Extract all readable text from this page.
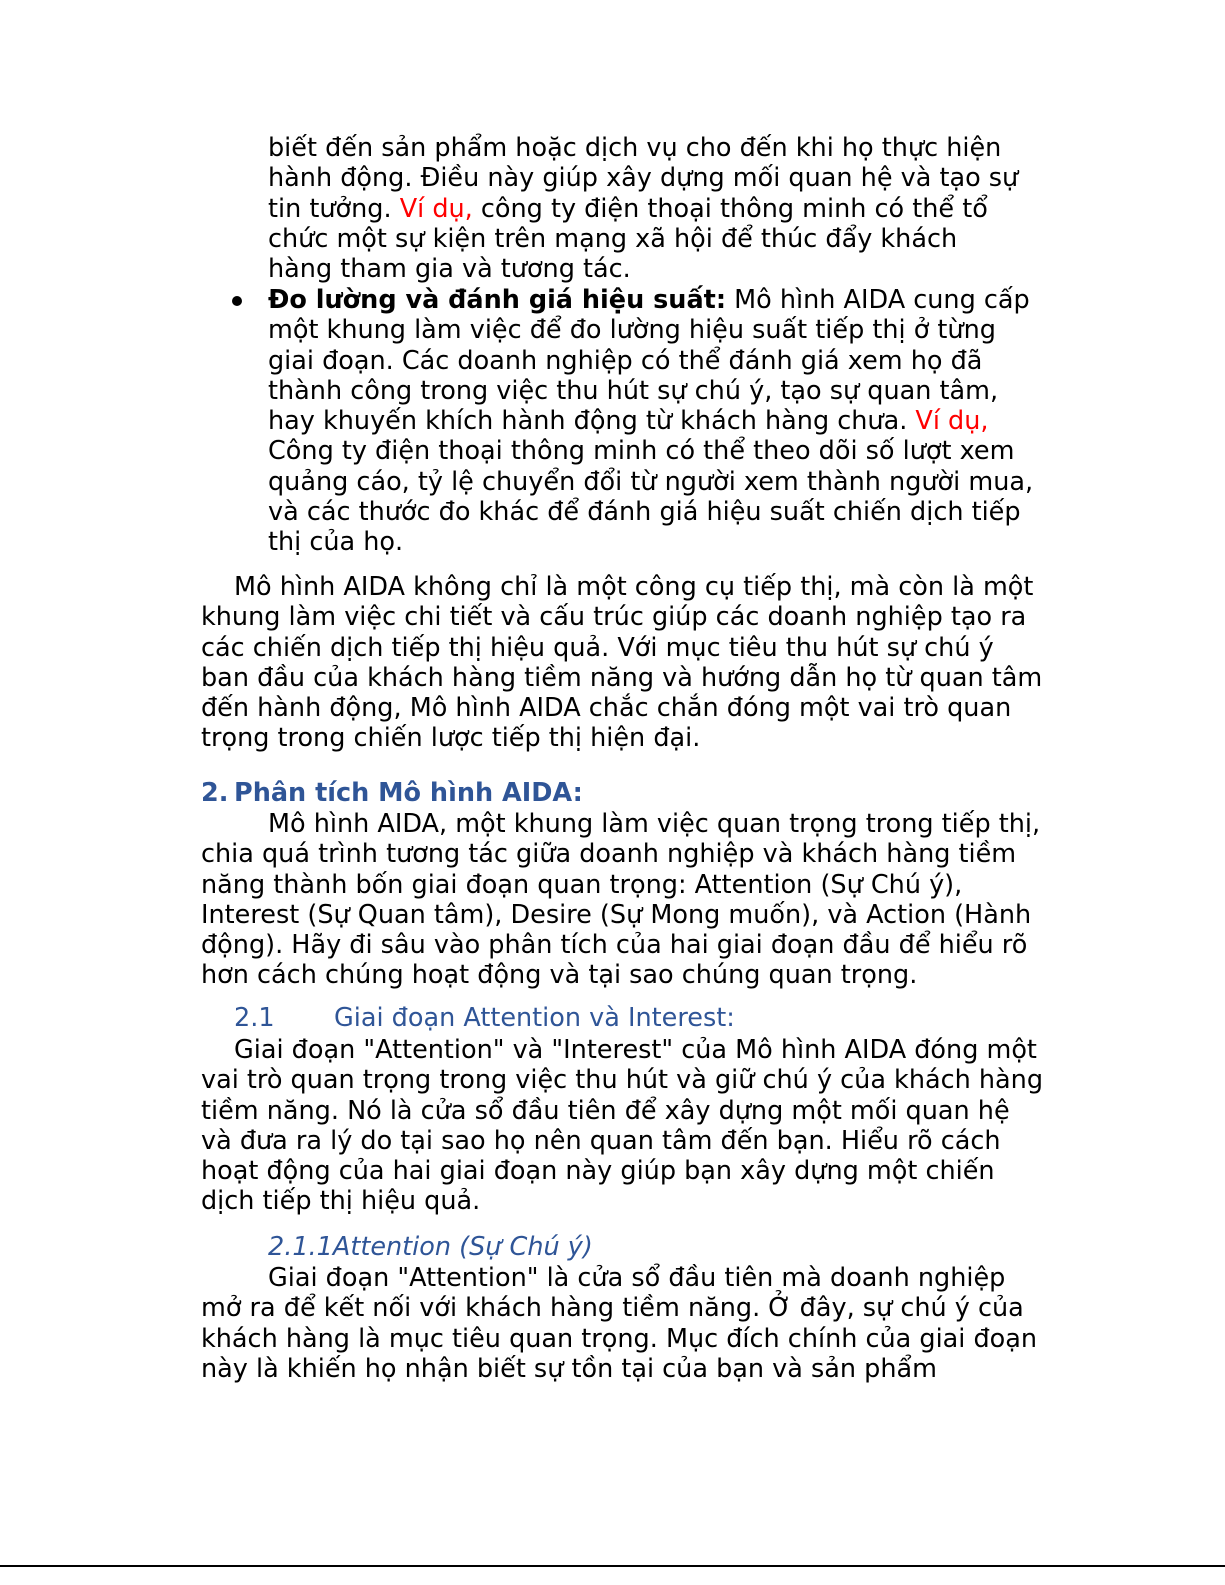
biết đến sản phẩm hoặc dịch vụ cho đến khi họ thực hiện
hành động. Điều này giúp xây dựng mối quan hệ và tạo sự
tin tưởng. Ví dụ, công ty điện thoại thông minh có thể tổ
chức một sự kiện trên mạng xã hội để thúc đẩy khách
hàng tham gia và tương tác.

Đo lường và đánh giá hiệu suất: Mô hình AIDA cung cấp một khung làm việc để đo lường hiệu suất tiếp thị ở từng giai đoạn. Các doanh nghiệp có thể đánh giá xem họ đã thành công trong việc thu hút sự chú ý, tạo sự quan tâm, hay khuyến khích hành động từ khách hàng chưa. Ví dụ, Công ty điện thoại thông minh có thể theo dõi số lượt xem quảng cáo, tỷ lệ chuyển đổi từ người xem thành người mua, và các thước đo khác để đánh giá hiệu suất chiến dịch tiếp thị của họ.

Mô hình AIDA không chỉ là một công cụ tiếp thị, mà còn là một khung làm việc chi tiết và cấu trúc giúp các doanh nghiệp tạo ra các chiến dịch tiếp thị hiệu quả. Với mục tiêu thu hút sự chú ý ban đầu của khách hàng tiềm năng và hướng dẫn họ từ quan tâm đến hành động, Mô hình AIDA chắc chắn đóng một vai trò quan trọng trong chiến lược tiếp thị hiện đại.

2. Phân tích Mô hình AIDA:

Mô hình AIDA, một khung làm việc quan trọng trong tiếp thị, chia quá trình tương tác giữa doanh nghiệp và khách hàng tiềm năng thành bốn giai đoạn quan trọng: Attention (Sự Chú ý), Interest (Sự Quan tâm), Desire (Sự Mong muốn), và Action (Hành động). Hãy đi sâu vào phân tích của hai giai đoạn đầu để hiểu rõ hơn cách chúng hoạt động và tại sao chúng quan trọng.

2.1 Giai đoạn Attention và Interest:

Giai đoạn "Attention" và "Interest" của Mô hình AIDA đóng một vai trò quan trọng trong việc thu hút và giữ chú ý của khách hàng tiềm năng. Nó là cửa sổ đầu tiên để xây dựng một mối quan hệ và đưa ra lý do tại sao họ nên quan tâm đến bạn. Hiểu rõ cách hoạt động của hai giai đoạn này giúp bạn xây dựng một chiến dịch tiếp thị hiệu quả.

2.1.1Attention (Sự Chú ý)

Giai đoạn "Attention" là cửa sổ đầu tiên mà doanh nghiệp mở ra để kết nối với khách hàng tiềm năng. Ở đây, sự chú ý của khách hàng là mục tiêu quan trọng. Mục đích chính của giai đoạn này là khiến họ nhận biết sự tồn tại của bạn và sản phẩm
